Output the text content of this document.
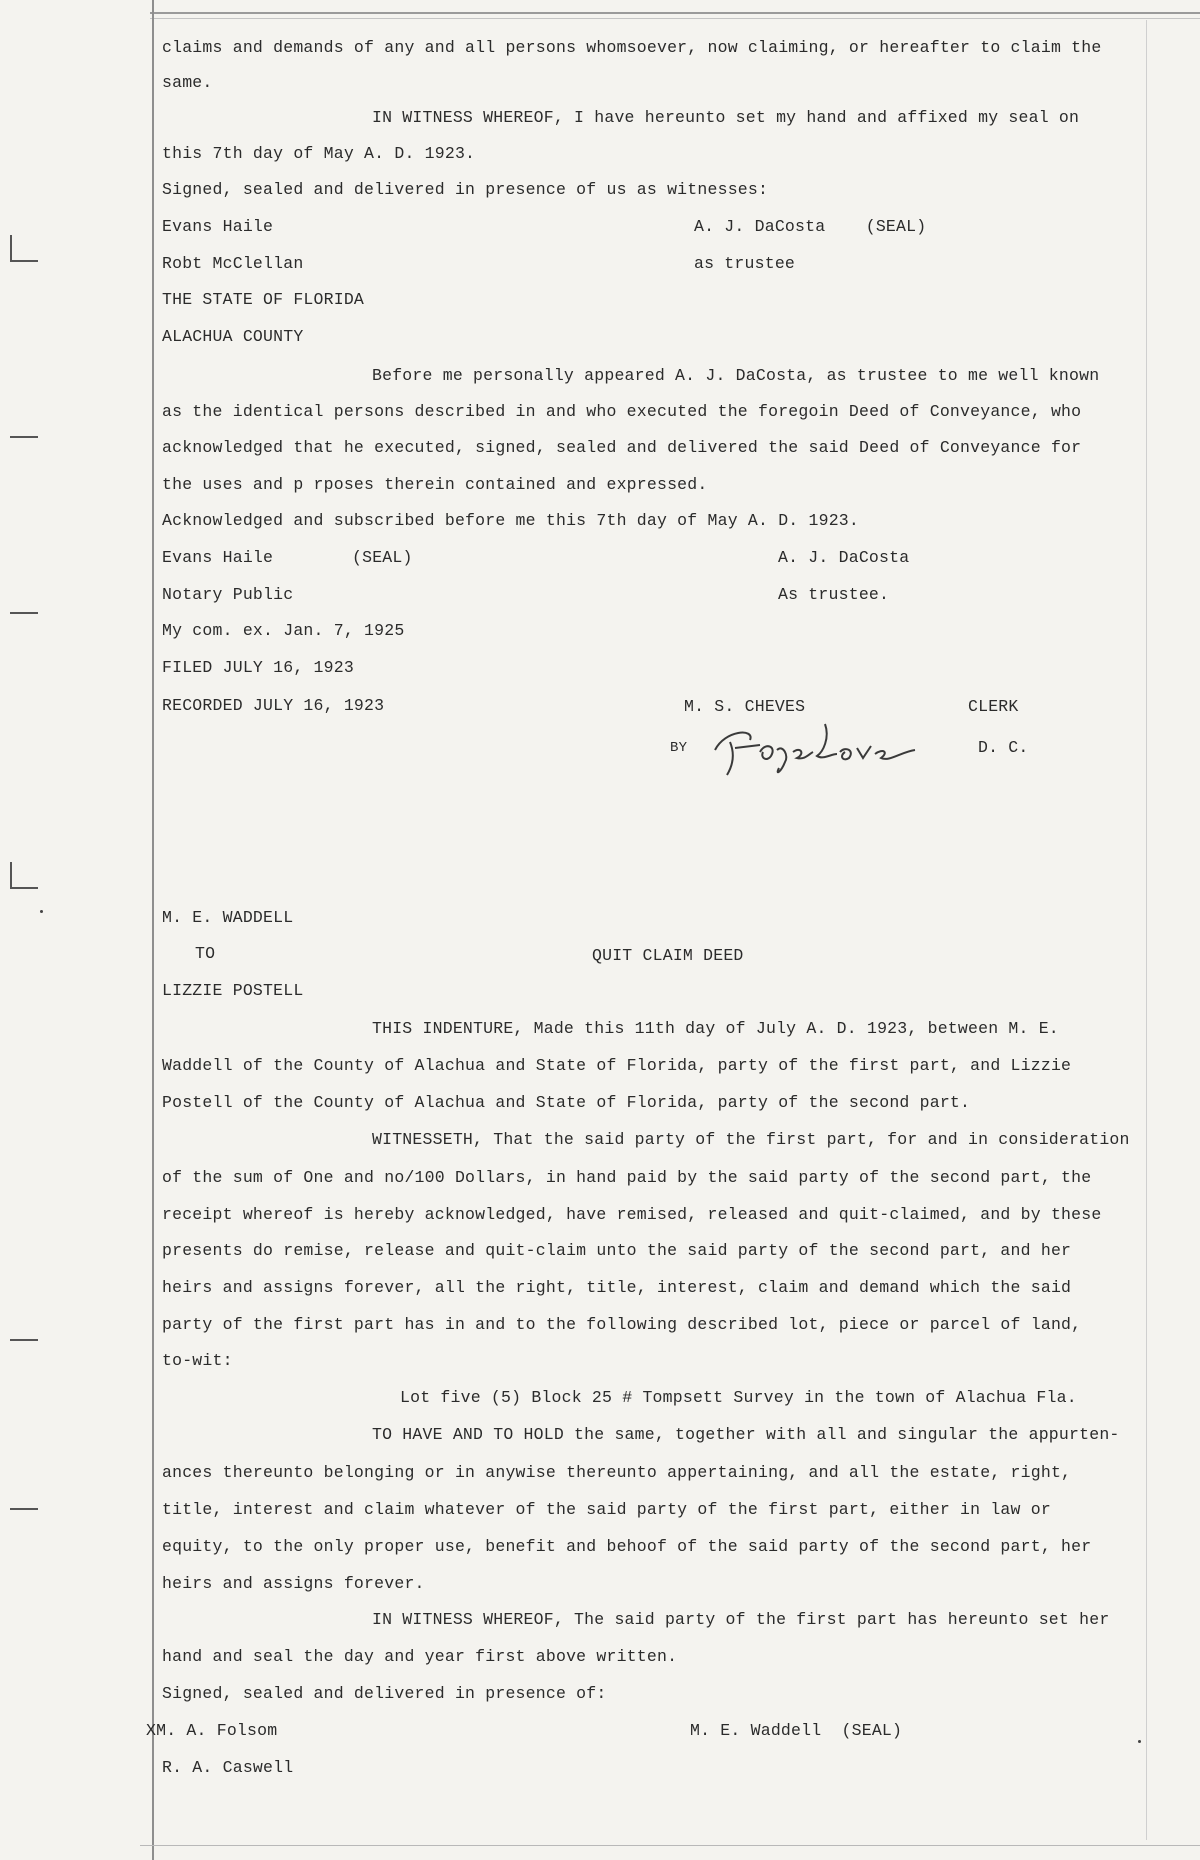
claims and demands of any and all persons whomsoever, now claiming, or hereafter to claim the
same.
IN WITNESS WHEREOF, I have hereunto set my hand and affixed my seal on
this 7th day of May A. D. 1923.
Signed, sealed and delivered in presence of us as witnesses:
Evans Haile	A. J. DaCosta    (SEAL)
Robt McClellan	as trustee
THE STATE OF FLORIDA
ALACHUA COUNTY
Before me personally appeared A. J. DaCosta, as trustee to me well known
as the identical persons described in and who executed the foregoin Deed of Conveyance, who
acknowledged that he executed, signed, sealed and delivered the said Deed of Conveyance for
the uses and p rposes therein contained and expressed.
Acknowledged and subscribed before me this 7th day of May A. D. 1923.
Evans Haile	(SEAL)	A. J. DaCosta
Notary Public	As trustee.
My com. ex. Jan. 7, 1925
FILED JULY 16, 1923
RECORDED JULY 16, 1923	M. S. CHEVES	CLERK
BY	D. C.
M. E. WADDELL
TO	QUIT CLAIM DEED
LIZZIE POSTELL
THIS INDENTURE, Made this 11th day of July A. D. 1923, between M. E.
Waddell of the County of Alachua and State of Florida, party of the first part, and Lizzie
Postell of the County of Alachua and State of Florida, party of the second part.
WITNESSETH, That the said party of the first part, for and in consideration
of the sum of One and no/100 Dollars, in hand paid by the said party of the second part, the
receipt whereof is hereby acknowledged, have remised, released and quit-claimed, and by these
presents do remise, release and quit-claim unto the said party of the second part, and her
heirs and assigns forever, all the right, title, interest, claim and demand which the said
party of the first part has in and to the following described lot, piece or parcel of land,
to-wit:
Lot five (5) Block 25 # Tompsett Survey in the town of Alachua Fla.
TO HAVE AND TO HOLD the same, together with all and singular the appurten-
ances thereunto belonging or in anywise thereunto appertaining, and all the estate, right,
title, interest and claim whatever of the said party of the first part, either in law or
equity, to the only proper use, benefit and behoof of the said party of the second part, her
heirs and assigns forever.
IN WITNESS WHEREOF, The said party of the first part has hereunto set her
hand and seal the day and year first above written.
Signed, sealed and delivered in presence of:
XM. A. Folsom	M. E. Waddell  (SEAL)
R. A. Caswell
